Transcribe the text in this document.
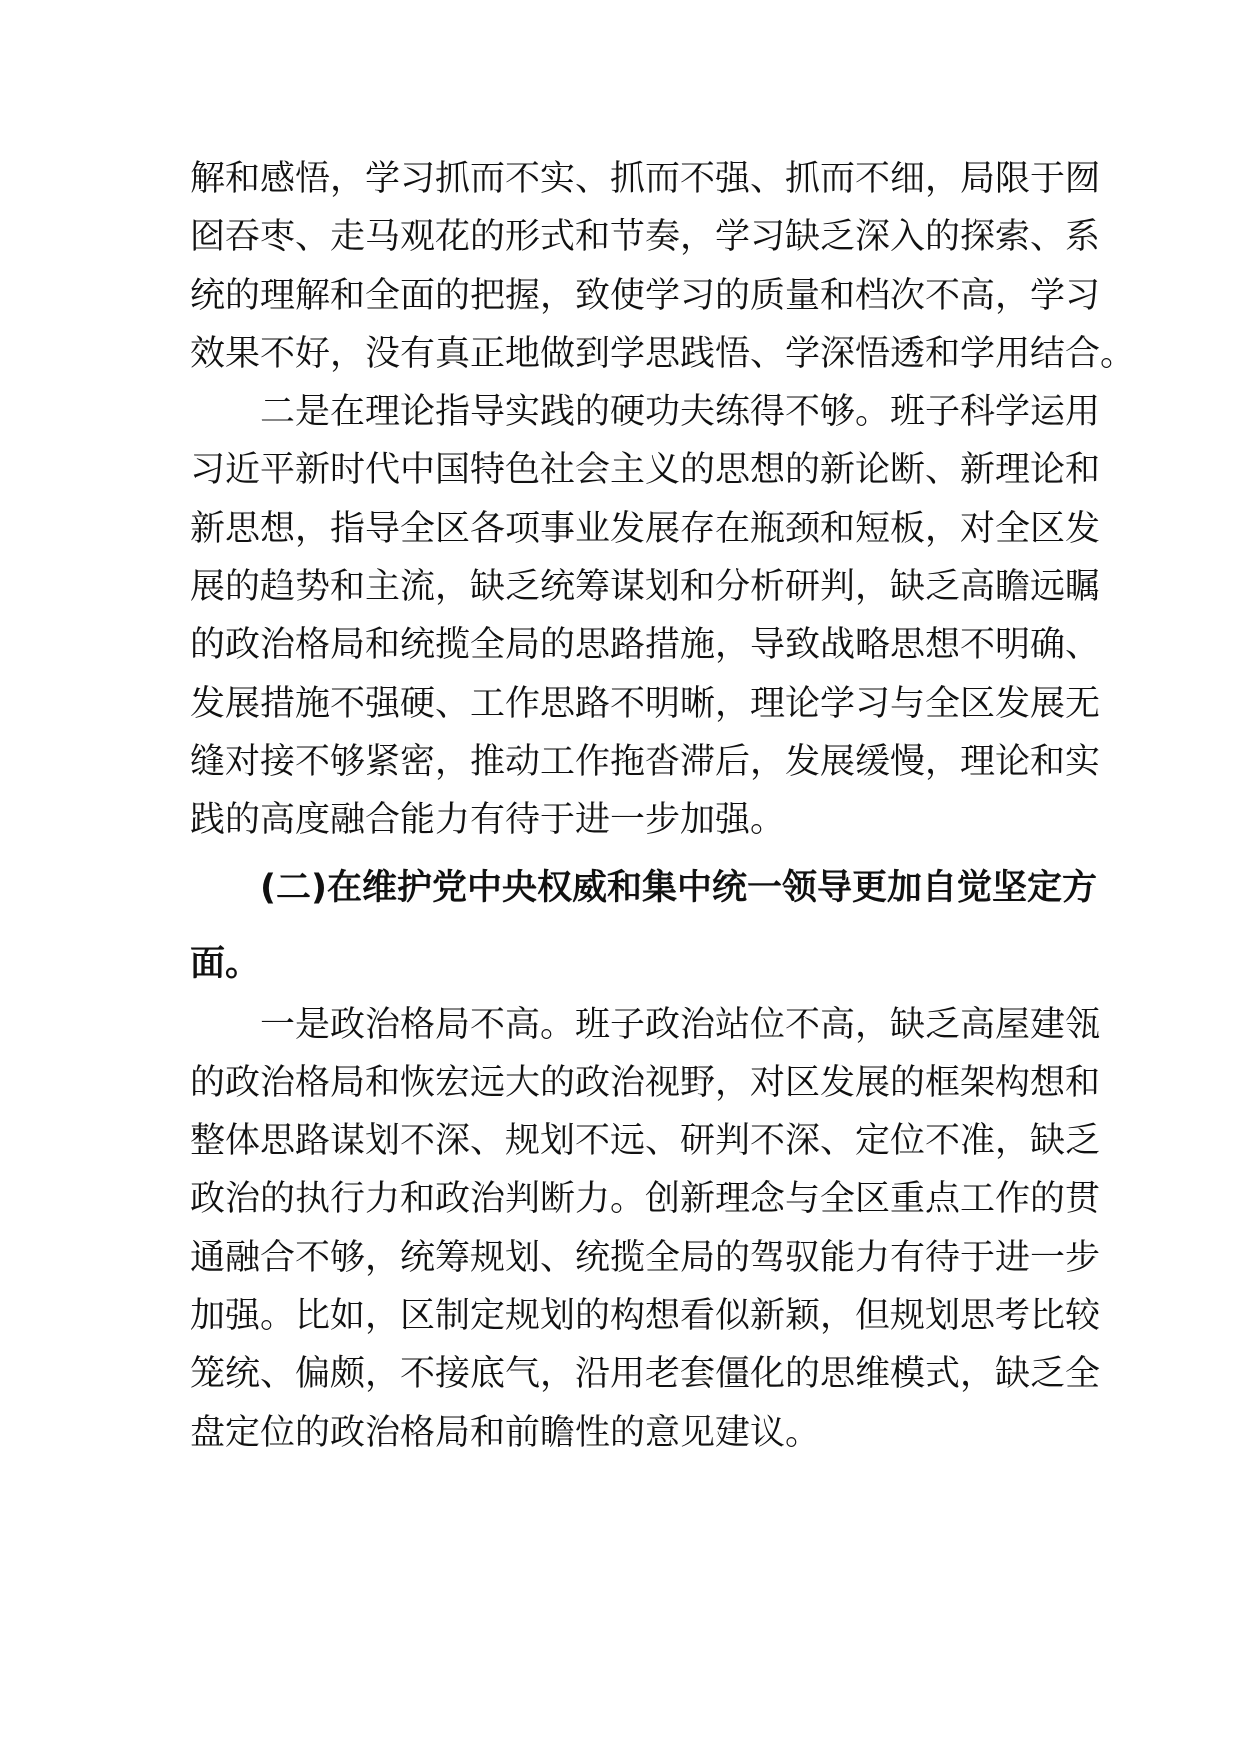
解和感悟，学习抓而不实、抓而不强、抓而不细，局限于囫
囵吞枣、走马观花的形式和节奏，学习缺乏深入的探索、系
统的理解和全面的把握，致使学习的质量和档次不高，学习
效果不好，没有真正地做到学思践悟、学深悟透和学用结合。
　　二是在理论指导实践的硬功夫练得不够。班子科学运用
习近平新时代中国特色社会主义的思想的新论断、新理论和
新思想，指导全区各项事业发展存在瓶颈和短板，对全区发
展的趋势和主流，缺乏统筹谋划和分析研判，缺乏高瞻远瞩
的政治格局和统揽全局的思路措施，导致战略思想不明确、
发展措施不强硬、工作思路不明晰，理论学习与全区发展无
缝对接不够紧密，推动工作拖沓滞后，发展缓慢，理论和实
践的高度融合能力有待于进一步加强。
　　(二)在维护党中央权威和集中统一领导更加自觉坚定方
面。
　　一是政治格局不高。班子政治站位不高，缺乏高屋建瓴
的政治格局和恢宏远大的政治视野，对区发展的框架构想和
整体思路谋划不深、规划不远、研判不深、定位不准，缺乏
政治的执行力和政治判断力。创新理念与全区重点工作的贯
通融合不够，统筹规划、统揽全局的驾驭能力有待于进一步
加强。比如，区制定规划的构想看似新颖，但规划思考比较
笼统、偏颇，不接底气，沿用老套僵化的思维模式，缺乏全
盘定位的政治格局和前瞻性的意见建议。
